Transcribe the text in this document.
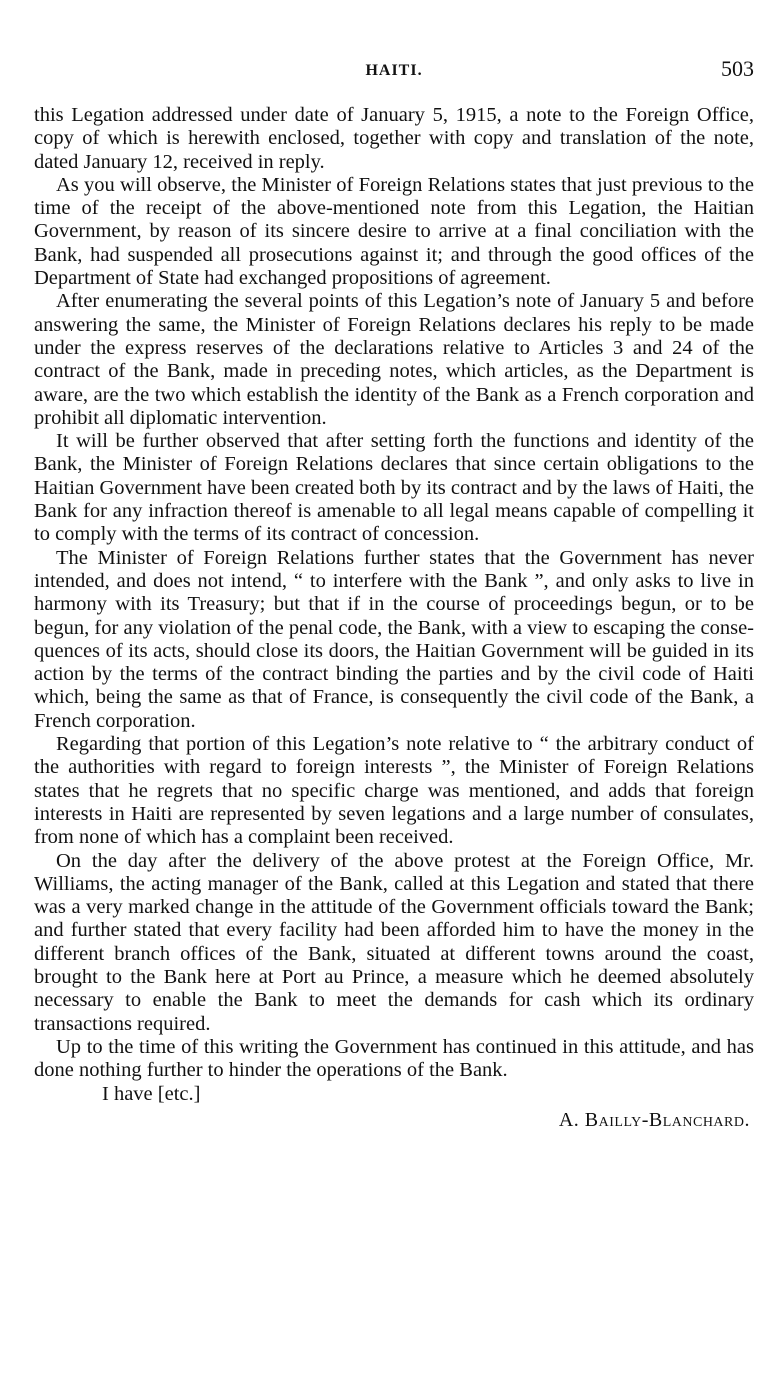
HAITI.	503

this Legation addressed under date of January 5, 1915, a note to the Foreign Office, copy of which is herewith enclosed, together with copy and translation of the note, dated January 12, received in reply.

As you will observe, the Minister of Foreign Relations states that just previous to the time of the receipt of the above-mentioned note from this Legation, the Haitian Government, by reason of its sincere desire to arrive at a final conciliation with the Bank, had suspended all prosecutions against it; and through the good offices of the Department of State had exchanged propositions of agreement.

After enumerating the several points of this Legation’s note of January 5 and before answering the same, the Minister of Foreign Relations declares his reply to be made under the express reserves of the declarations relative to Articles 3 and 24 of the contract of the Bank, made in preceding notes, which articles, as the Department is aware, are the two which establish the identity of the Bank as a French corporation and prohibit all diplomatic intervention.

It will be further observed that after setting forth the functions and identity of the Bank, the Minister of Foreign Relations declares that since certain obligations to the Haitian Government have been created both by its contract and by the laws of Haiti, the Bank for any infraction thereof is amenable to all legal means capable of compelling it to comply with the terms of its contract of concession.

The Minister of Foreign Relations further states that the Government has never intended, and does not intend, “ to interfere with the Bank ”, and only asks to live in harmony with its Treasury; but that if in the course of proceedings begun, or to be begun, for any violation of the penal code, the Bank, with a view to escaping the consequences of its acts, should close its doors, the Haitian Government will be guided in its action by the terms of the contract binding the parties and by the civil code of Haiti which, being the same as that of France, is consequently the civil code of the Bank, a French corporation.

Regarding that portion of this Legation’s note relative to “ the arbitrary conduct of the authorities with regard to foreign interests ”, the Minister of Foreign Relations states that he regrets that no specific charge was mentioned, and adds that foreign interests in Haiti are represented by seven legations and a large number of consulates, from none of which has a complaint been received.

On the day after the delivery of the above protest at the Foreign Office, Mr. Williams, the acting manager of the Bank, called at this Legation and stated that there was a very marked change in the attitude of the Government officials toward the Bank; and further stated that every facility had been afforded him to have the money in the different branch offices of the Bank, situated at different towns around the coast, brought to the Bank here at Port au Prince, a measure which he deemed absolutely necessary to enable the Bank to meet the demands for cash which its ordinary transactions required.

Up to the time of this writing the Government has continued in this attitude, and has done nothing further to hinder the operations of the Bank.

I have [etc.]
A. Bailly-Blanchard.
